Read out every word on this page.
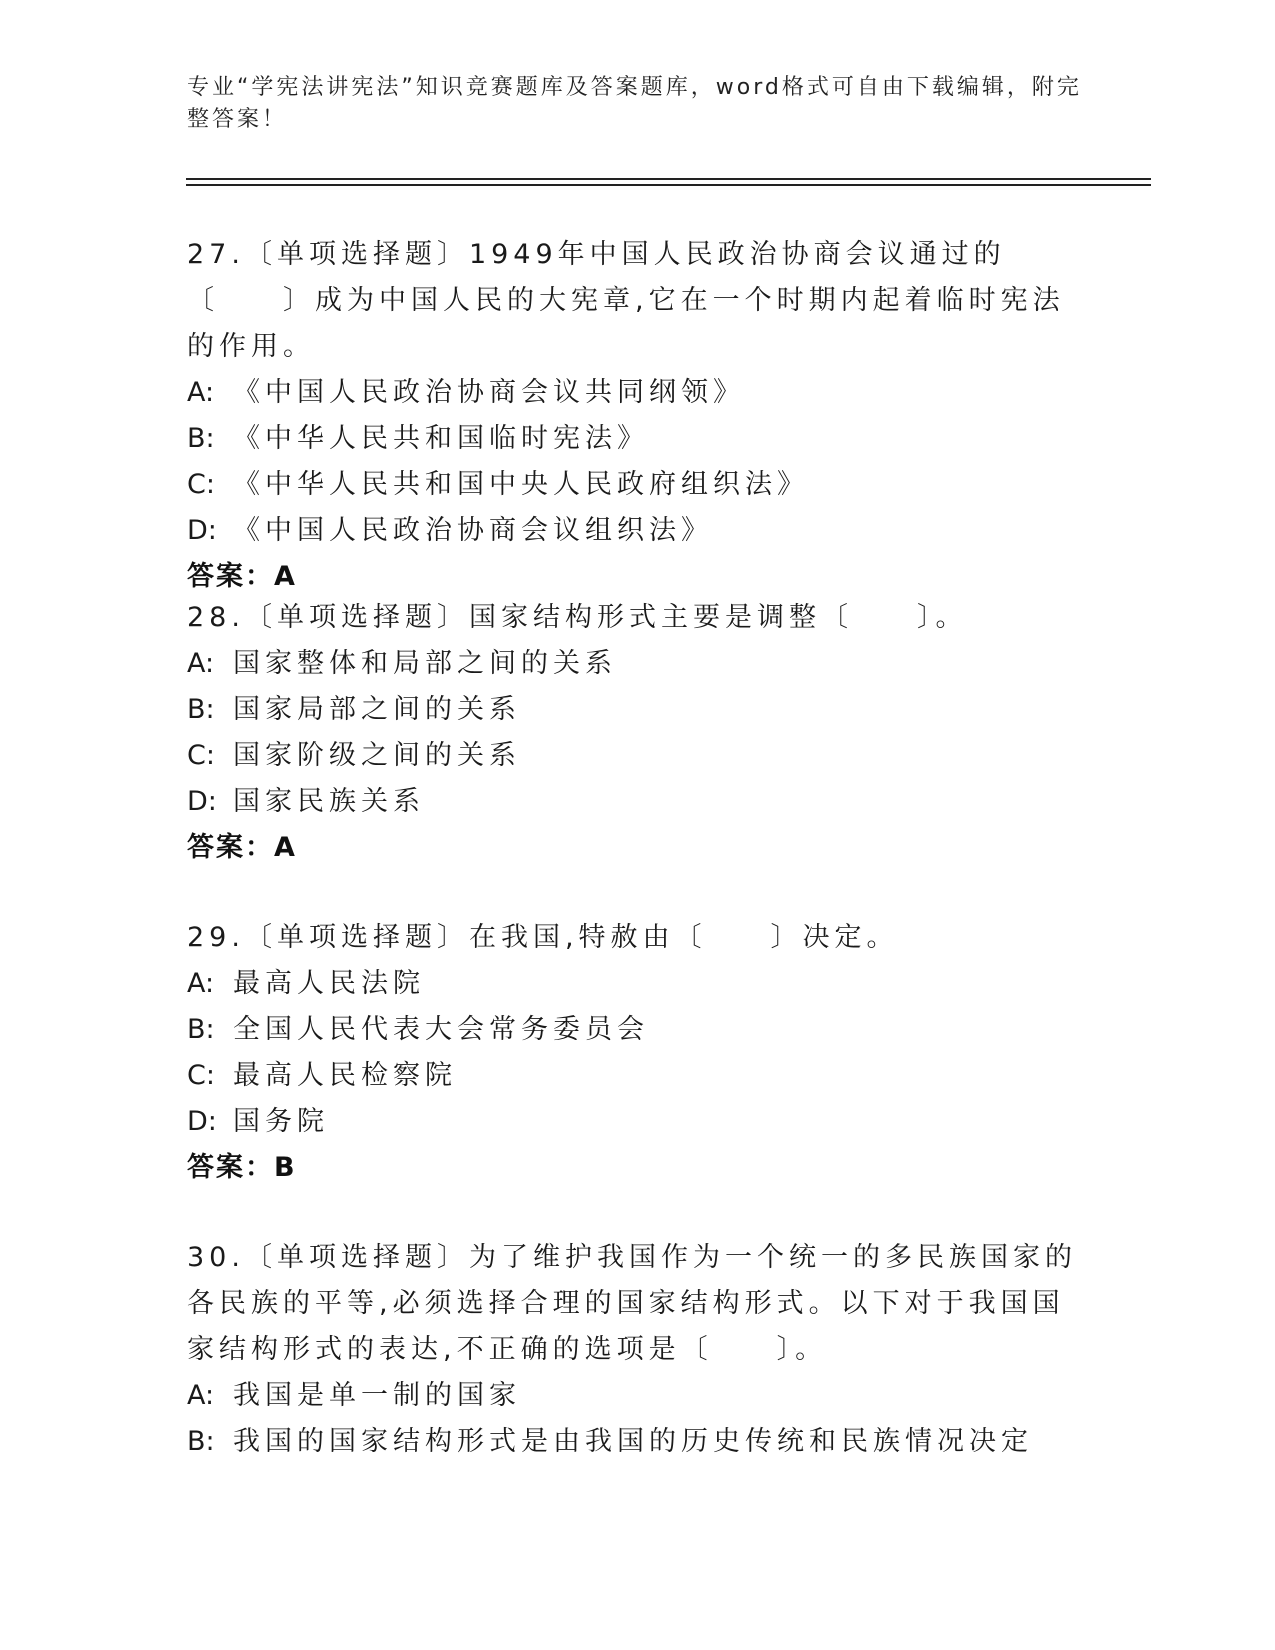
专业“学宪法讲宪法”知识竞赛题库及答案题库，word格式可自由下载编辑，附完整答案！
27.〔单项选择题〕1949年中国人民政治协商会议通过的〔　　〕成为中国人民的大宪章,它在一个时期内起着临时宪法的作用。
A: 《中国人民政治协商会议共同纲领》
B: 《中华人民共和国临时宪法》
C: 《中华人民共和国中央人民政府组织法》
D: 《中国人民政治协商会议组织法》
答案：A
28.〔单项选择题〕国家结构形式主要是调整〔　　〕。
A: 国家整体和局部之间的关系
B: 国家局部之间的关系
C: 国家阶级之间的关系
D: 国家民族关系
答案：A
29.〔单项选择题〕在我国,特赦由〔　　〕决定。
A: 最高人民法院
B: 全国人民代表大会常务委员会
C: 最高人民检察院
D: 国务院
答案：B
30.〔单项选择题〕为了维护我国作为一个统一的多民族国家的各民族的平等,必须选择合理的国家结构形式。以下对于我国国家结构形式的表达,不正确的选项是〔　　〕。
A: 我国是单一制的国家
B: 我国的国家结构形式是由我国的历史传统和民族情况决定
